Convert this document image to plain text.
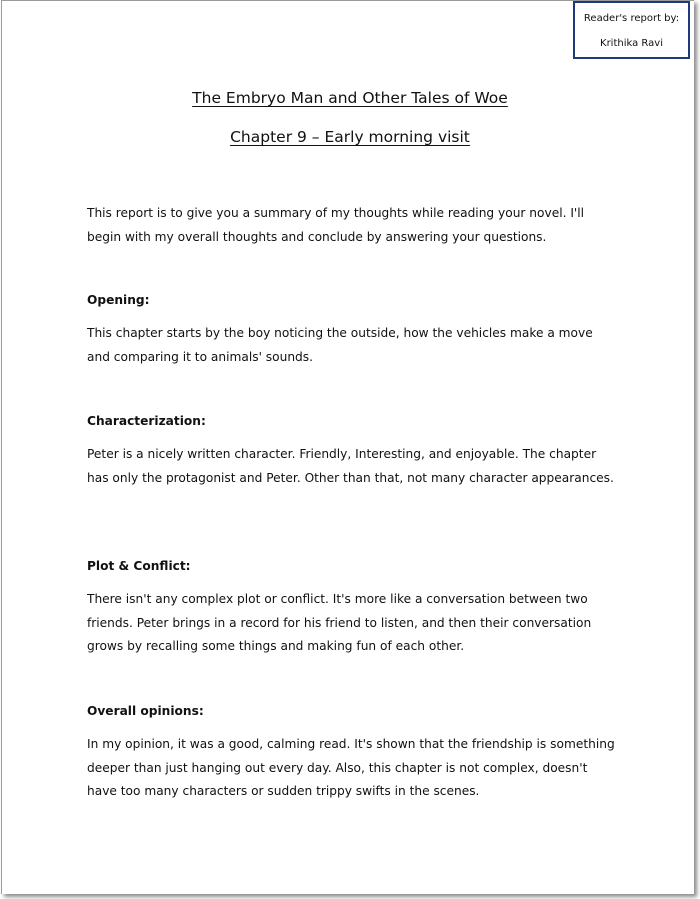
Reader's report by:
Krithika Ravi
The Embryo Man and Other Tales of Woe
Chapter 9 – Early morning visit

This report is to give you a summary of my thoughts while reading your novel. I'll begin with my overall thoughts and conclude by answering your questions.

Opening:

This chapter starts by the boy noticing the outside, how the vehicles make a move and comparing it to animals' sounds.

Characterization:

Peter is a nicely written character. Friendly, Interesting, and enjoyable. The chapter has only the protagonist and Peter. Other than that, not many character appearances.

Plot & Conflict:

There isn't any complex plot or conflict. It's more like a conversation between two friends. Peter brings in a record for his friend to listen, and then their conversation grows by recalling some things and making fun of each other.

Overall opinions:

In my opinion, it was a good, calming read. It's shown that the friendship is something deeper than just hanging out every day. Also, this chapter is not complex, doesn't have too many characters or sudden trippy swifts in the scenes.
